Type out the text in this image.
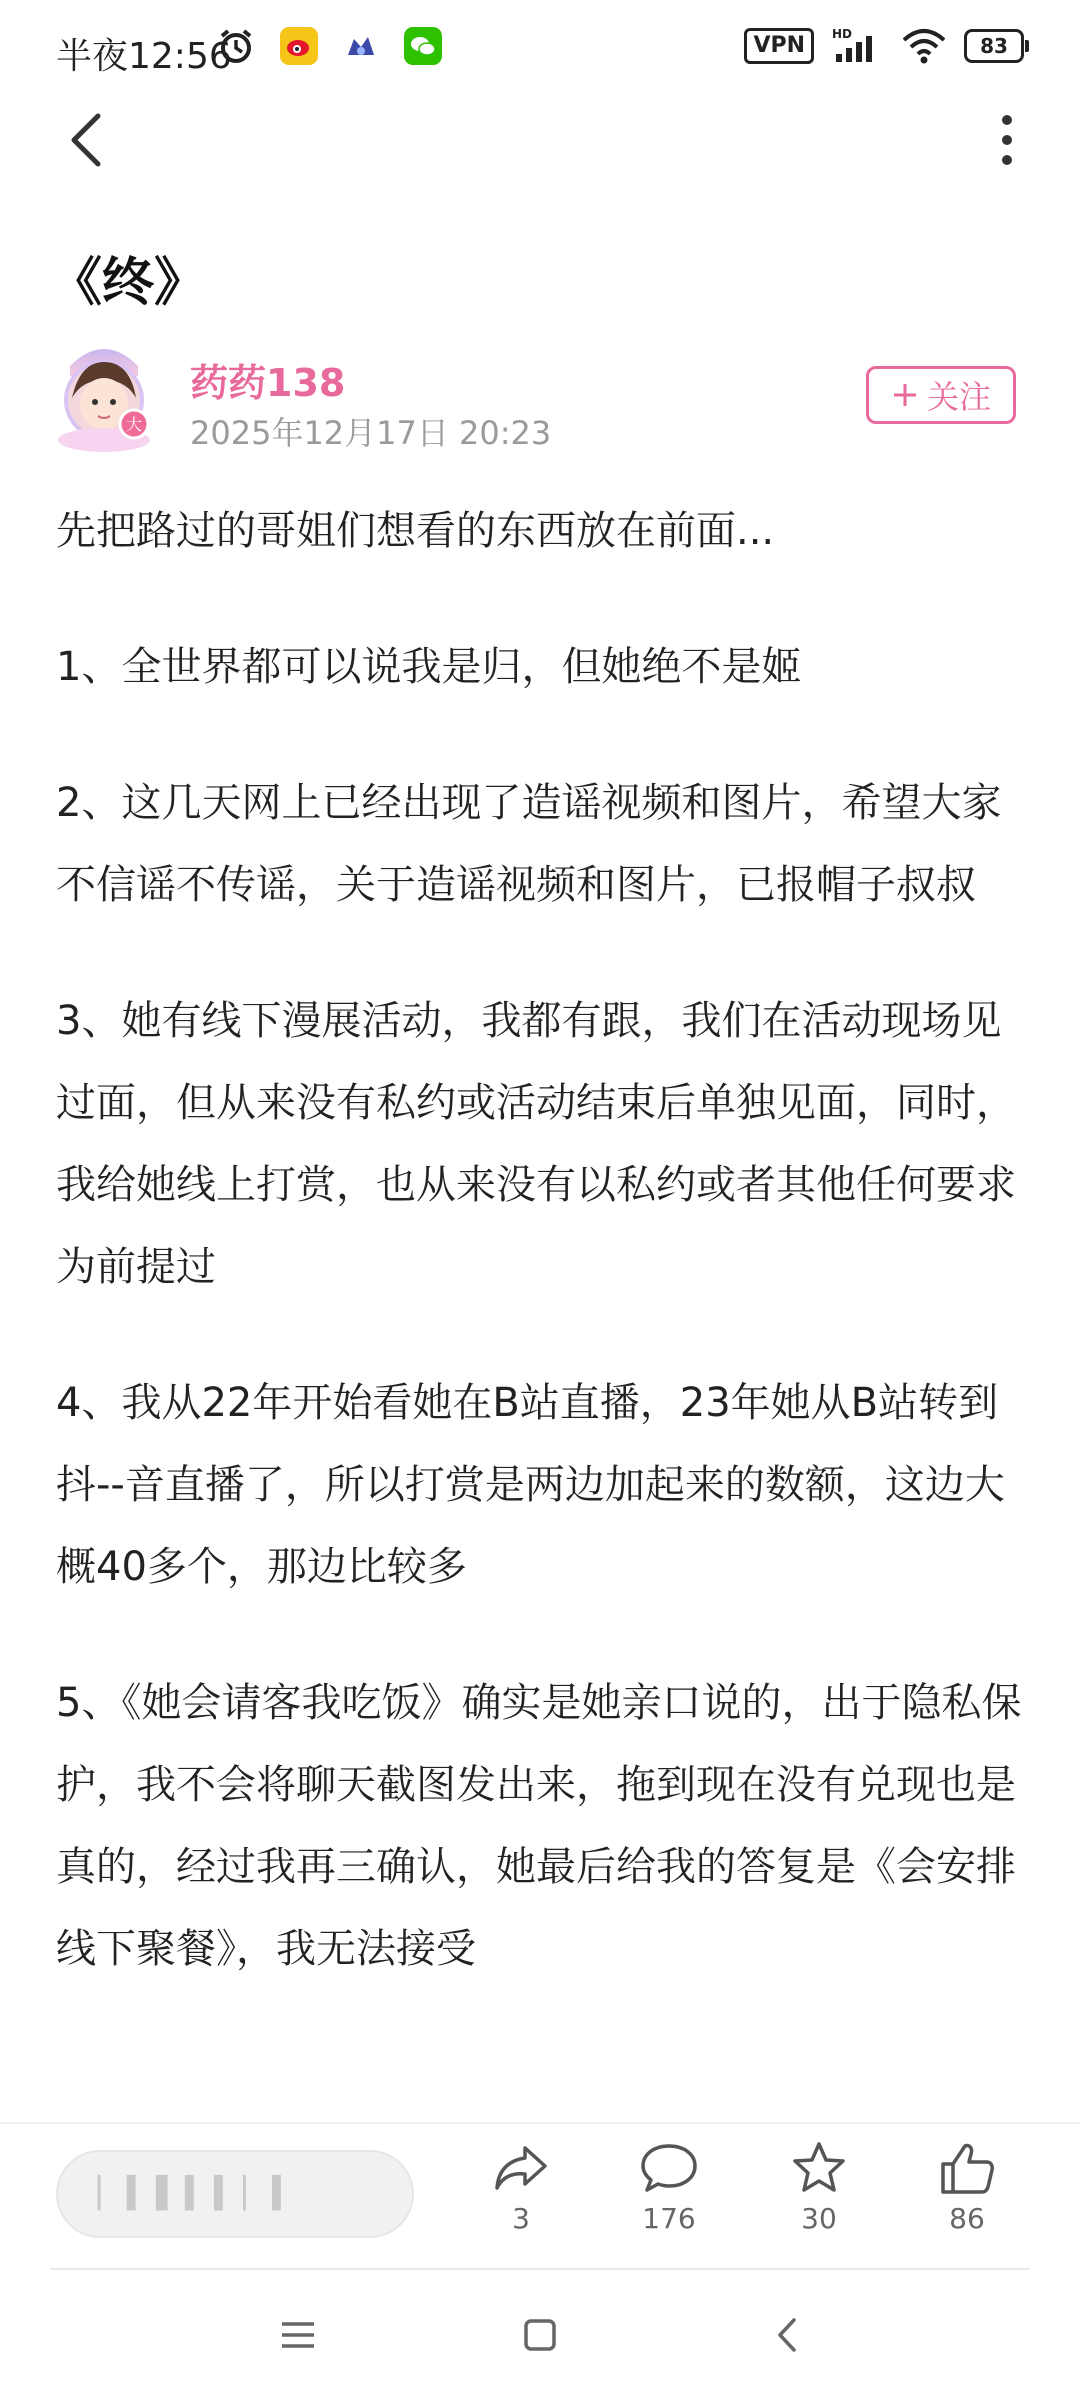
半夜12:56	VPN	HD	83
《终》
大
药药138
2025年12月17日 20:23
关注

先把路过的哥姐们想看的东西放在前面...

1、全世界都可以说我是归，但她绝不是姬

2、这几天网上已经出现了造谣视频和图片，希望大家不信谣不传谣，关于造谣视频和图片，已报帽子叔叔

3、她有线下漫展活动，我都有跟，我们在活动现场见过面，但从来没有私约或活动结束后单独见面，同时，我给她线上打赏，也从来没有以私约或者其他任何要求为前提过

4、我从22年开始看她在B站直播，23年她从B站转到抖--音直播了，所以打赏是两边加起来的数额，这边大概40多个，那边比较多

5、《她会请客我吃饭》确实是她亲口说的，出于隐私保护，我不会将聊天截图发出来，拖到现在没有兑现也是真的，经过我再三确认，她最后给我的答复是《会安排线下聚餐》，我无法接受

▏▍▌▍▍▏▍
3	176	30	86
